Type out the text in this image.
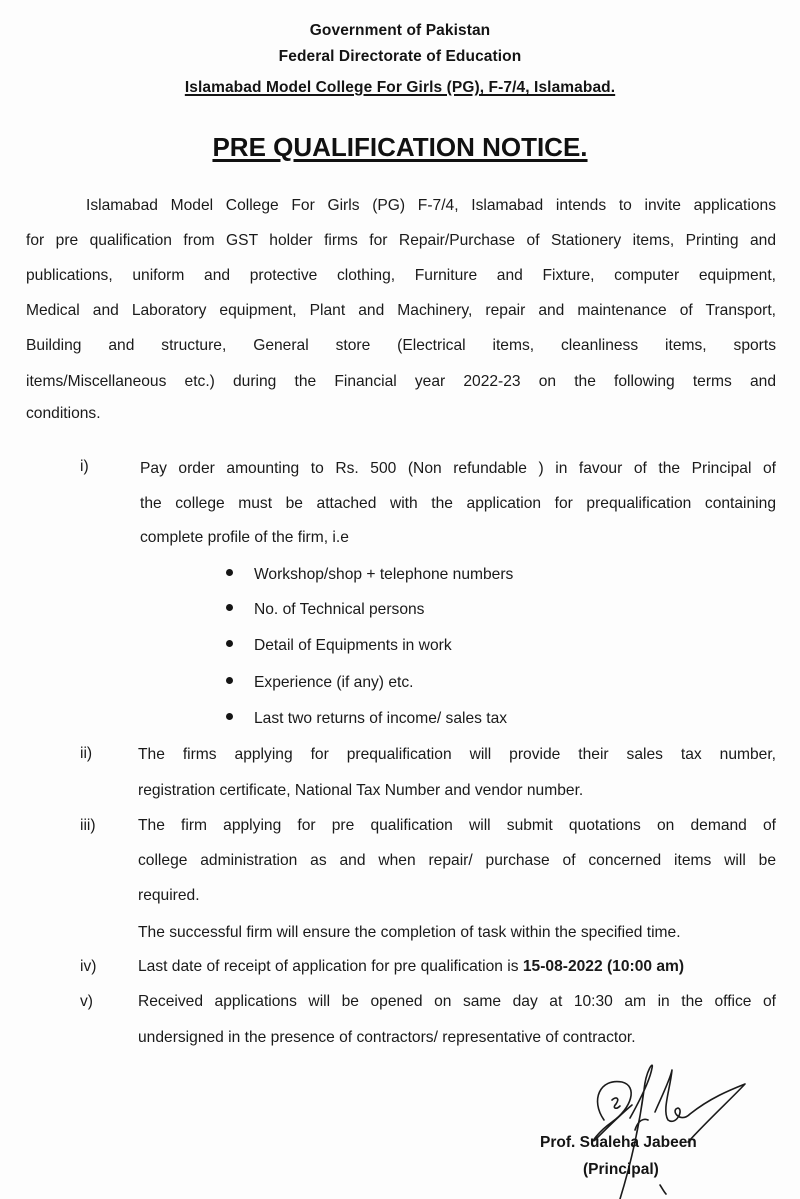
Government of Pakistan
Federal Directorate of Education
Islamabad Model College For Girls (PG), F-7/4, Islamabad.
PRE QUALIFICATION NOTICE.
Islamabad Model College For Girls (PG) F-7/4, Islamabad intends to invite applications
for pre qualification from GST holder firms for Repair/Purchase of Stationery items, Printing and
publications, uniform and protective clothing, Furniture and Fixture, computer equipment,
Medical and Laboratory equipment, Plant and Machinery, repair and maintenance of Transport,
Building and structure, General store (Electrical items, cleanliness items, sports
items/Miscellaneous etc.) during the Financial year 2022-23 on the following terms and
conditions.
i)	Pay order amounting to Rs. 500 (Non refundable ) in favour of the Principal of
the college must be attached with the application for prequalification containing
complete profile of the firm, i.e
Workshop/shop + telephone numbers
No. of Technical persons
Detail of Equipments in work
Experience (if any) etc.
Last two returns of income/ sales tax
ii)	The firms applying for prequalification will provide their sales tax number,
registration certificate, National Tax Number and vendor number.
iii)	The firm applying for pre qualification will submit quotations on demand of
college administration as and when repair/ purchase of concerned items will be
required.
The successful firm will ensure the completion of task within the specified time.
iv)	Last date of receipt of application for pre qualification is 15-08-2022 (10:00 am)
v)	Received applications will be opened on same day at 10:30 am in the office of
undersigned in the presence of contractors/ representative of contractor.
Prof. Sualeha Jabeen
(Principal)
